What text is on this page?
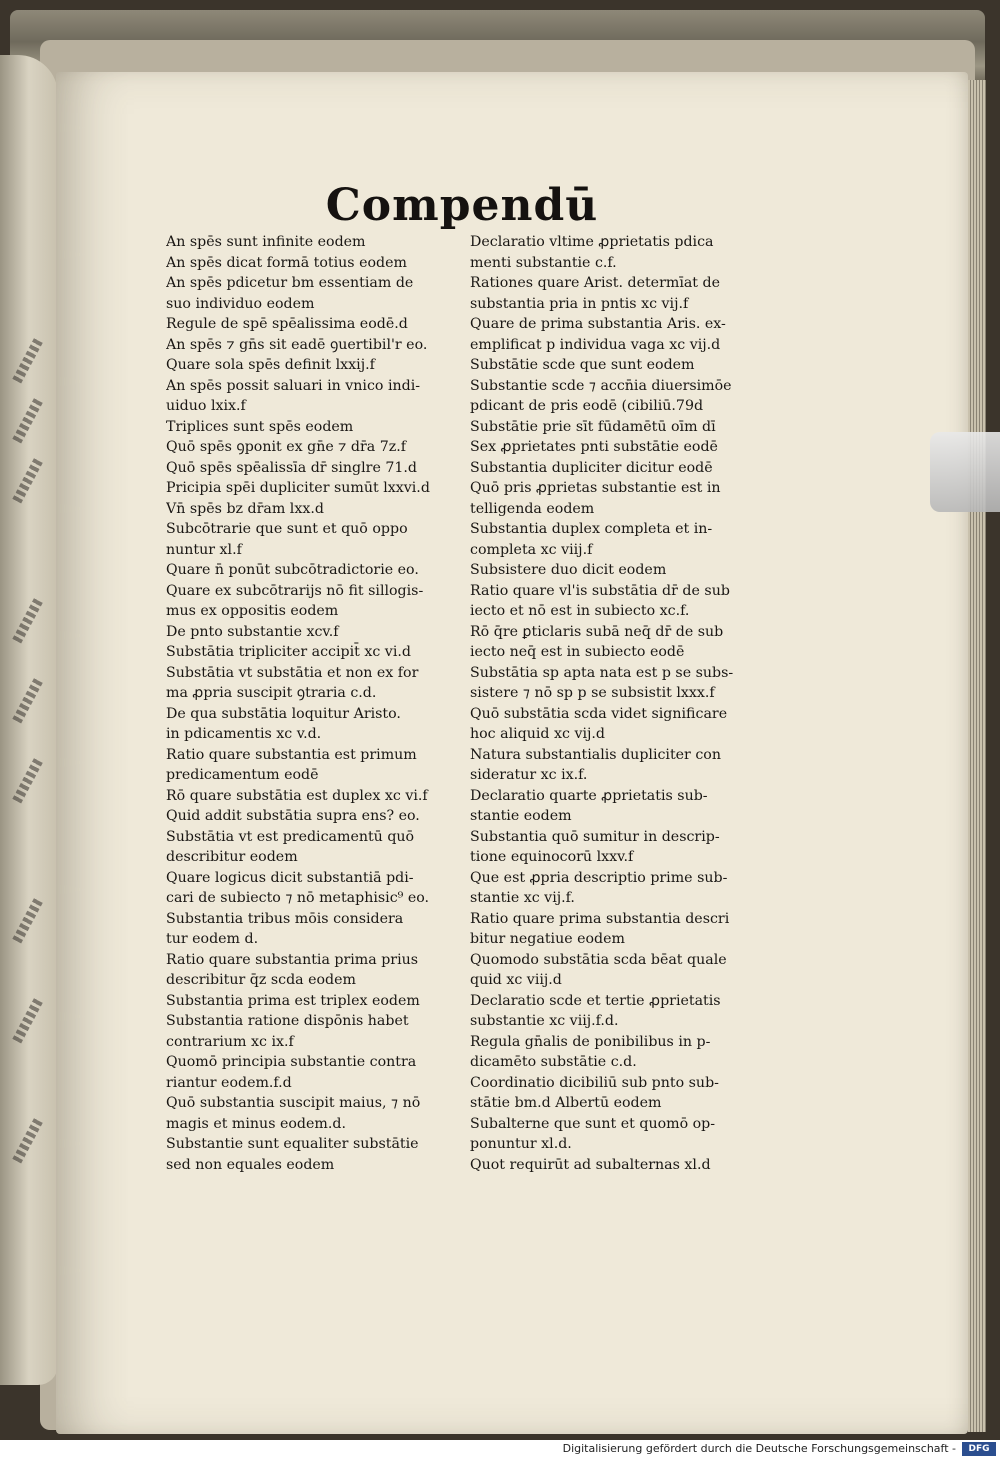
Compendū
An spēs sunt infinite eodem
An spēs dicat formā totius eodem
An spēs pdicetur bm essentiam de
suo individuo eodem
Regule de spē spēalissima eodē.d
An spēs ⁊ gn̄s sit eadē ꝯuertibil'r eo.
Quare sola spēs definit lxxij.f
An spēs possit saluari in vnico indi-
uiduo lxix.f
Triplices sunt spēs eodem
Quō spēs ꝯponit ex gn̄e ⁊ dr̄a 7z.f
Quō spēs spēalissīa dr̄ singlre 71.d
Pricipia spēi dupliciter sumūt lxxvi.d
Vn̄ spēs bz dr̄am lxx.d
Subcōtrarie que sunt et quō oppo
nuntur xl.f
Quare n̄ ponūt subcōtradictorie eo.
Quare ex subcōtrarijs nō fit sillogis-
mus ex oppositis eodem
De pnto substantie xcv.f
Substātia tripliciter accipit̄ xc vi.d
Substātia vt substātia et non ex for
ma ꝓpria suscipit ꝯtraria c.d.
De qua substātia loquitur Aristo.
in pdicamentis xc v.d.
Ratio quare substantia est primum
predicamentum eodē
Rō quare substātia est duplex xc vi.f
Quid addit substātia supra ens? eo.
Substātia vt est predicamentū quō
describitur eodem
Quare logicus dicit substantiā pdi-
cari de subiecto ⁊ nō metaphisic⁹ eo.
Substantia tribus mōis considera
tur eodem d.
Ratio quare substantia prima prius
describitur q̄z scda eodem
Substantia prima est triplex eodem
Substantia ratione dispōnis habet
contrarium xc ix.f
Quomō principia substantie contra
riantur eodem.f.d
Quō substantia suscipit maius, ⁊ nō
magis et minus eodem.d.
Substantie sunt equaliter substātie
sed non equales eodem
Declaratio vltime ꝓprietatis pdica
menti substantie c.f.
Rationes quare Arist. determīat de
substantia pria in pntis xc vij.f
Quare de prima substantia Aris. ex-
emplificat p individua vaga xc vij.d
Substātie scde que sunt eodem
Substantie scde ⁊ accn̄ia diuersimōe
pdicant de pris eodē (cibiliū.79d
Substātie prie sīt fūdamētū oīm dī
Sex ꝓprietates pnti substātie eodē
Substantia dupliciter dicitur eodē
Quō pris ꝓprietas substantie est in
telligenda eodem
Substantia duplex completa et in-
completa xc viij.f
Subsistere duo dicit eodem
Ratio quare vl'is substātia dr̄ de sub
iecto et nō est in subiecto xc.f.
Rō q̄re ꝑticlaris subā neq̄ dr̄ de sub
iecto neq̄ est in subiecto eodē
Substātia sp apta nata est p se subs-
sistere ⁊ nō sp p se subsistit lxxx.f
Quō substātia scda videt significare
hoc aliquid xc vij.d
Natura substantialis dupliciter con
sideratur xc ix.f.
Declaratio quarte ꝓprietatis sub-
stantie eodem
Substantia quō sumitur in descrip-
tione equinocorū lxxv.f
Que est ꝓpria descriptio prime sub-
stantie xc vij.f.
Ratio quare prima substantia descri
bitur negatiue eodem
Quomodo substātia scda bēat quale
quid xc viij.d
Declaratio scde et tertie ꝓprietatis
substantie xc viij.f.d.
Regula gn̄alis de ponibilibus in p-
dicamēto substātie c.d.
Coordinatio dicibiliū sub pnto sub-
stātie bm.d Albertū eodem
Subalterne que sunt et quomō op-
ponuntur xl.d.
Quot requirūt ad subalternas xl.d
Digitalisierung gefördert durch die Deutsche Forschungsgemeinschaft -	DFG
